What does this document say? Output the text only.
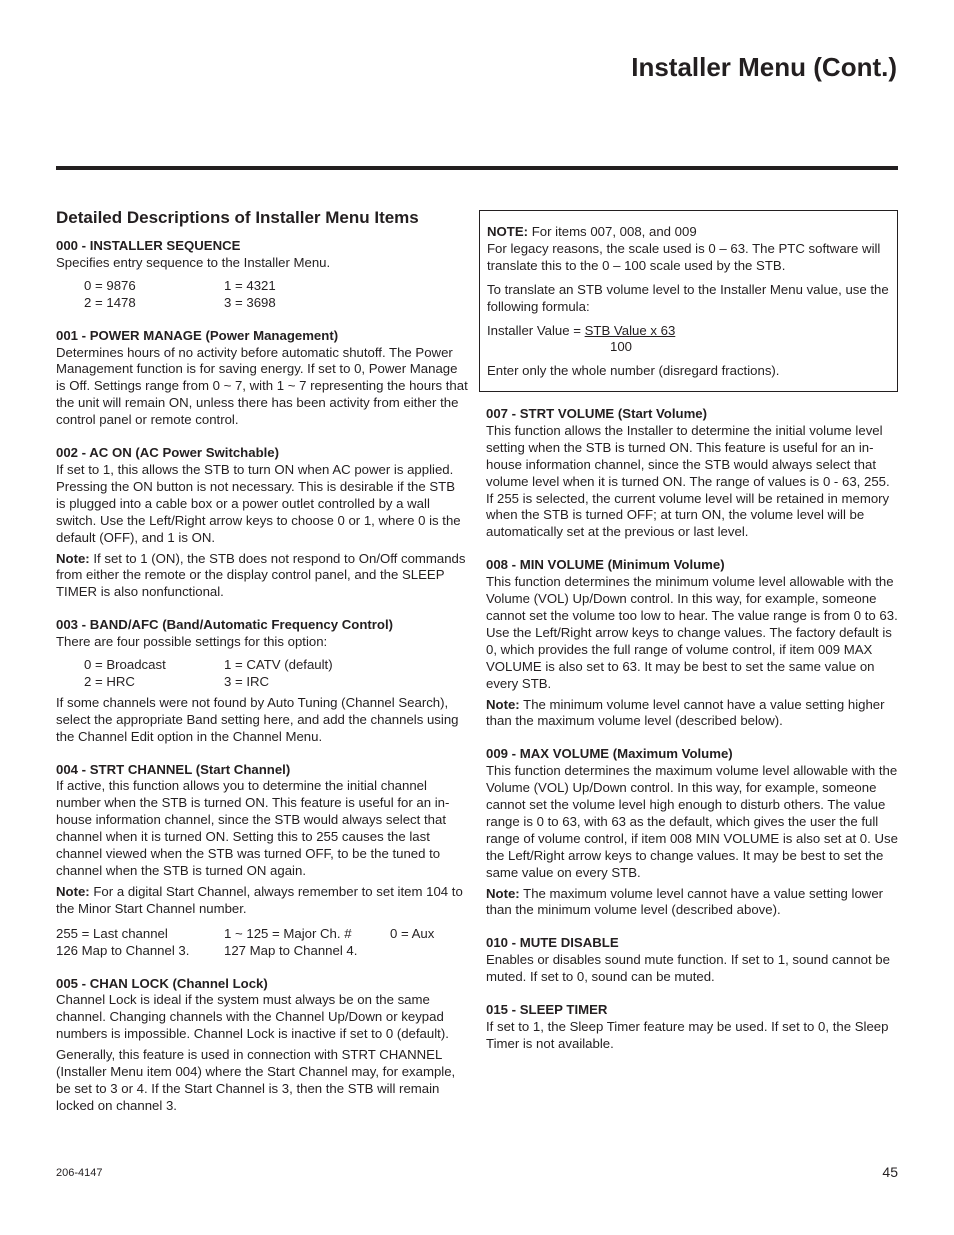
Installer Menu (Cont.)
Detailed Descriptions of Installer Menu Items
000 - INSTALLER SEQUENCE

Specifies entry sequence to the Installer Menu.

0 = 9876	1 = 4321
2 = 1478	3 = 3698
001 - POWER MANAGE (Power Management)

Determines hours of no activity before automatic shutoff. The Power Management function is for saving energy. If set to 0, Power Manage is Off. Settings range from 0 ~ 7, with 1 ~ 7 representing the hours that the unit will remain ON, unless there has been activity from either the control panel or remote control.

002 - AC ON (AC Power Switchable)

If set to 1, this allows the STB to turn ON when AC power is applied. Pressing the ON button is not necessary. This is desirable if the STB is plugged into a cable box or a power outlet controlled by a wall switch. Use the Left/Right arrow keys to choose 0 or 1, where 0 is the default (OFF), and 1 is ON.

Note: If set to 1 (ON), the STB does not respond to On/Off commands from either the remote or the display control panel, and the SLEEP TIMER is also nonfunctional.

003 - BAND/AFC (Band/Automatic Frequency Control)

There are four possible settings for this option:

0 = Broadcast	1 = CATV (default)
2 = HRC	3 = IRC

If some channels were not found by Auto Tuning (Channel Search), select the appropriate Band setting here, and add the channels using the Channel Edit option in the Channel Menu.

004 - STRT CHANNEL (Start Channel)

If active, this function allows you to determine the initial channel number when the STB is turned ON. This feature is useful for an in-house information channel, since the STB would always select that channel when it is turned ON. Setting this to 255 causes the last channel viewed when the STB was turned OFF, to be the tuned to channel when the STB is turned ON again.

Note: For a digital Start Channel, always remember to set item 104 to the Minor Start Channel number.

255 = Last channel	1 ~ 125 = Major Ch. #	0 = Aux
126 Map to Channel 3.	127 Map to Channel 4.
005 - CHAN LOCK (Channel Lock)

Channel Lock is ideal if the system must always be on the same channel. Changing channels with the Channel Up/Down or keypad numbers is impossible. Channel Lock is inactive if set to 0 (default).

Generally, this feature is used in connection with STRT CHANNEL (Installer Menu item 004) where the Start Channel may, for example, be set to 3 or 4. If the Start Channel is 3, then the STB will remain locked on channel 3.

NOTE: For items 007, 008, and 009

For legacy reasons, the scale used is 0 – 63. The PTC software will translate this to the 0 – 100 scale used by the STB.

To translate an STB volume level to the Installer Menu value, use the following formula:

Installer Value = STB Value x 63
100

Enter only the whole number (disregard fractions).

007 - STRT VOLUME (Start Volume)

This function allows the Installer to determine the initial volume level setting when the STB is turned ON. This feature is useful for an in-house information channel, since the STB would always select that volume level when it is turned ON. The range of values is 0 - 63, 255. If 255 is selected, the current volume level will be retained in memory when the STB is turned OFF; at turn ON, the volume level will be automatically set at the previous or last level.

008 - MIN VOLUME (Minimum Volume)

This function determines the minimum volume level allowable with the Volume (VOL) Up/Down control. In this way, for example, someone cannot set the volume too low to hear. The value range is from 0 to 63. Use the Left/Right arrow keys to change values. The factory default is 0, which provides the full range of volume control, if item 009 MAX VOLUME is also set to 63. It may be best to set the same value on every STB.

Note: The minimum volume level cannot have a value setting higher than the maximum volume level (described below).

009 - MAX VOLUME (Maximum Volume)

This function determines the maximum volume level allowable with the Volume (VOL) Up/Down control. In this way, for example, someone cannot set the volume level high enough to disturb others. The value range is 0 to 63, with 63 as the default, which gives the user the full range of volume control, if item 008 MIN VOLUME is also set at 0. Use the Left/Right arrow keys to change values. It may be best to set the same value on every STB.

Note: The maximum volume level cannot have a value setting lower than the minimum volume level (described above).

010 - MUTE DISABLE

Enables or disables sound mute function. If set to 1, sound cannot be muted. If set to 0, sound can be muted.

015 - SLEEP TIMER

If set to 1, the Sleep Timer feature may be used. If set to 0, the Sleep Timer is not available.

206-4147	45
